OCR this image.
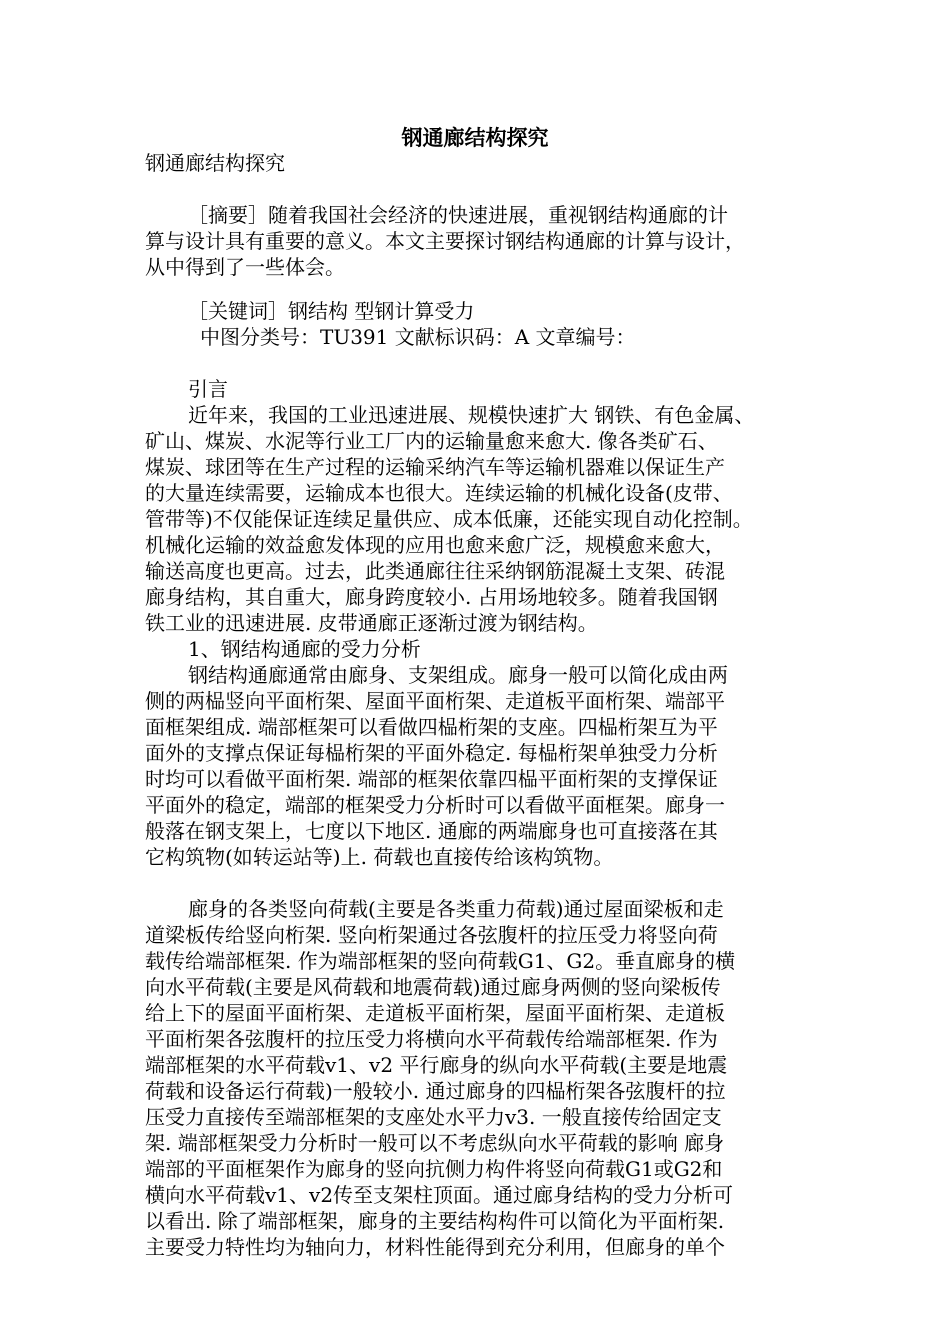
钢通廊结构探究
钢通廊结构探究
［摘要］随着我国社会经济的快速进展，重视钢结构通廊的计
算与设计具有重要的意义。本文主要探讨钢结构通廊的计算与设计，
从中得到了一些体会。
［关键词］钢结构 型钢计算受力
中图分类号：TU391 文献标识码：A 文章编号：
引言
近年来，我国的工业迅速进展、规模快速扩大 钢铁、有色金属、
矿山、煤炭、水泥等行业工厂内的运输量愈来愈大. 像各类矿石、
煤炭、球团等在生产过程的运输采纳汽车等运输机器难以保证生产
的大量连续需要，运输成本也很大。连续运输的机械化设备(皮带、
管带等)不仅能保证连续足量供应、成本低廉，还能实现自动化控制。
机械化运输的效益愈发体现的应用也愈来愈广泛，规模愈来愈大，
输送高度也更高。过去，此类通廊往往采纳钢筋混凝土支架、砖混
廊身结构，其自重大，廊身跨度较小. 占用场地较多。随着我国钢
铁工业的迅速进展. 皮带通廊正逐渐过渡为钢结构。
1、钢结构通廊的受力分析
钢结构通廊通常由廊身、支架组成。廊身一般可以简化成由两
侧的两榀竖向平面桁架、屋面平面桁架、走道板平面桁架、端部平
面框架组成. 端部框架可以看做四榀桁架的支座。四榀桁架互为平
面外的支撑点保证每榀桁架的平面外稳定. 每榀桁架单独受力分析
时均可以看做平面桁架. 端部的框架依靠四榀平面桁架的支撑保证
平面外的稳定，端部的框架受力分析时可以看做平面框架。廊身一
般落在钢支架上，七度以下地区. 通廊的两端廊身也可直接落在其
它构筑物(如转运站等)上. 荷载也直接传给该构筑物。
廊身的各类竖向荷载(主要是各类重力荷载)通过屋面梁板和走
道梁板传给竖向桁架. 竖向桁架通过各弦腹杆的拉压受力将竖向荷
载传给端部框架. 作为端部框架的竖向荷载G1、G2。垂直廊身的横
向水平荷载(主要是风荷载和地震荷载)通过廊身两侧的竖向梁板传
给上下的屋面平面桁架、走道板平面桁架，屋面平面桁架、走道板
平面桁架各弦腹杆的拉压受力将横向水平荷载传给端部框架. 作为
端部框架的水平荷载v1、v2 平行廊身的纵向水平荷载(主要是地震
荷载和设备运行荷载)一般较小. 通过廊身的四榀桁架各弦腹杆的拉
压受力直接传至端部框架的支座处水平力v3. 一般直接传给固定支
架. 端部框架受力分析时一般可以不考虑纵向水平荷载的影响 廊身
端部的平面框架作为廊身的竖向抗侧力构件将竖向荷载G1或G2和
横向水平荷载v1、v2传至支架柱顶面。通过廊身结构的受力分析可
以看出. 除了端部框架，廊身的主要结构构件可以简化为平面桁架.
主要受力特性均为轴向力，材料性能得到充分利用，但廊身的单个
